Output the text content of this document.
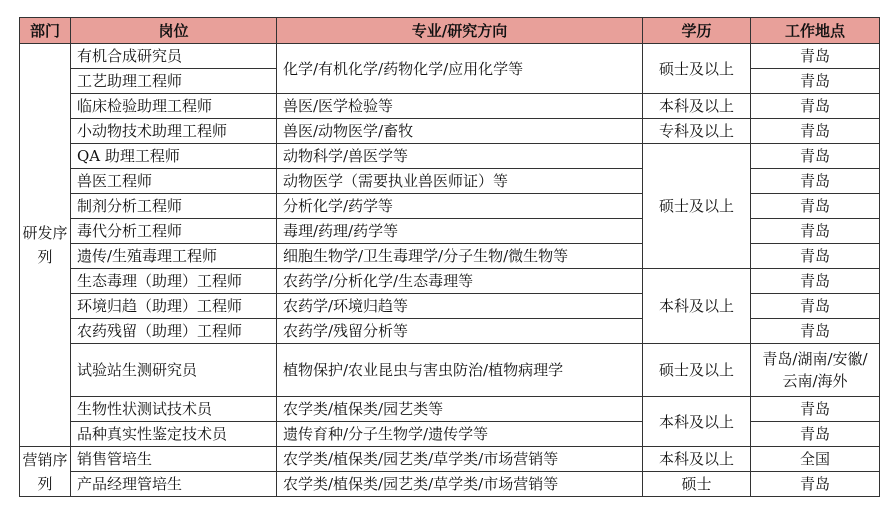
部门	岗位	专业/研究方向	学历	工作地点
研发序列	有机合成研究员	化学/有机化学/药物化学/应用化学等	硕士及以上	青岛
	工艺助理工程师			青岛
	临床检验助理工程师	兽医/医学检验等	本科及以上	青岛
	小动物技术助理工程师	兽医/动物医学/畜牧	专科及以上	青岛
	QA 助理工程师	动物科学/兽医学等	硕士及以上	青岛
	兽医工程师	动物医学（需要执业兽医师证）等		青岛
	制剂分析工程师	分析化学/药学等		青岛
	毒代分析工程师	毒理/药理/药学等		青岛
	遗传/生殖毒理工程师	细胞生物学/卫生毒理学/分子生物/微生物等		青岛
	生态毒理（助理）工程师	农药学/分析化学/生态毒理等	本科及以上	青岛
	环境归趋（助理）工程师	农药学/环境归趋等		青岛
	农药残留（助理）工程师	农药学/残留分析等		青岛
	试验站生测研究员	植物保护/农业昆虫与害虫防治/植物病理学	硕士及以上	青岛/湖南/安徽/云南/海外
	生物性状测试技术员	农学类/植保类/园艺类等	本科及以上	青岛
	品种真实性鉴定技术员	遗传育种/分子生物学/遗传学等		青岛
营销序列	销售管培生	农学类/植保类/园艺类/草学类/市场营销等	本科及以上	全国
	产品经理管培生	农学类/植保类/园艺类/草学类/市场营销等	硕士	青岛
